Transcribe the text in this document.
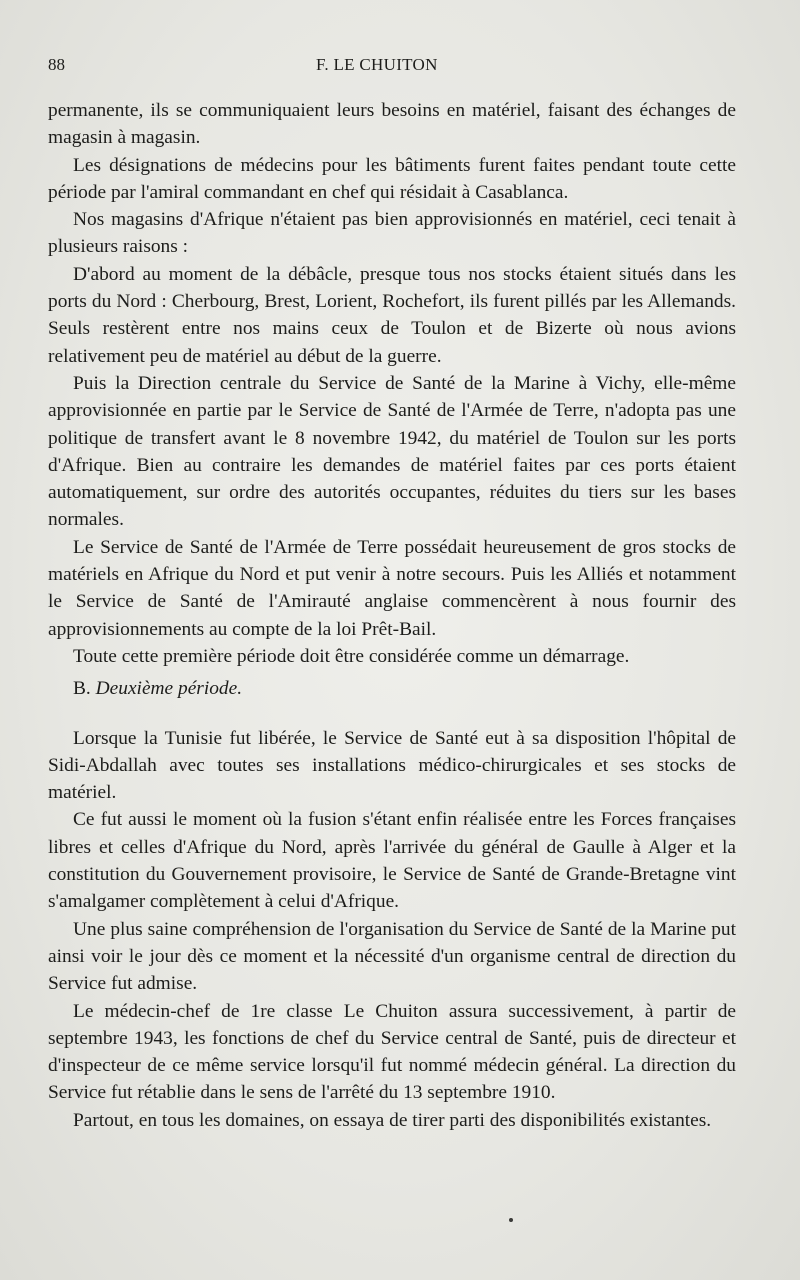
88	F. LE CHUITON

permanente, ils se communiquaient leurs besoins en matériel, faisant des échanges de magasin à magasin.

Les désignations de médecins pour les bâtiments furent faites pendant toute cette période par l'amiral commandant en chef qui résidait à Casablanca.

Nos magasins d'Afrique n'étaient pas bien approvisionnés en matériel, ceci tenait à plusieurs raisons :

D'abord au moment de la débâcle, presque tous nos stocks étaient situés dans les ports du Nord : Cherbourg, Brest, Lorient, Rochefort, ils furent pillés par les Allemands. Seuls restèrent entre nos mains ceux de Toulon et de Bizerte où nous avions relativement peu de matériel au début de la guerre.

Puis la Direction centrale du Service de Santé de la Marine à Vichy, elle-même approvisionnée en partie par le Service de Santé de l'Armée de Terre, n'adopta pas une politique de transfert avant le 8 novembre 1942, du matériel de Toulon sur les ports d'Afrique. Bien au contraire les demandes de matériel faites par ces ports étaient automatiquement, sur ordre des autorités occupantes, réduites du tiers sur les bases normales.

Le Service de Santé de l'Armée de Terre possédait heureusement de gros stocks de matériels en Afrique du Nord et put venir à notre secours. Puis les Alliés et notamment le Service de Santé de l'Amirauté anglaise commencèrent à nous fournir des approvisionnements au compte de la loi Prêt-Bail.

Toute cette première période doit être considérée comme un démarrage.

B. Deuxième période.

Lorsque la Tunisie fut libérée, le Service de Santé eut à sa disposition l'hôpital de Sidi-Abdallah avec toutes ses installations médico-chirurgicales et ses stocks de matériel.

Ce fut aussi le moment où la fusion s'étant enfin réalisée entre les Forces françaises libres et celles d'Afrique du Nord, après l'arrivée du général de Gaulle à Alger et la constitution du Gouvernement provisoire, le Service de Santé de Grande-Bretagne vint s'amalgamer complètement à celui d'Afrique.

Une plus saine compréhension de l'organisation du Service de Santé de la Marine put ainsi voir le jour dès ce moment et la nécessité d'un organisme central de direction du Service fut admise.

Le médecin-chef de 1re classe Le Chuiton assura successivement, à partir de septembre 1943, les fonctions de chef du Service central de Santé, puis de directeur et d'inspecteur de ce même service lorsqu'il fut nommé médecin général. La direction du Service fut rétablie dans le sens de l'arrêté du 13 septembre 1910.

Partout, en tous les domaines, on essaya de tirer parti des disponibilités existantes.
